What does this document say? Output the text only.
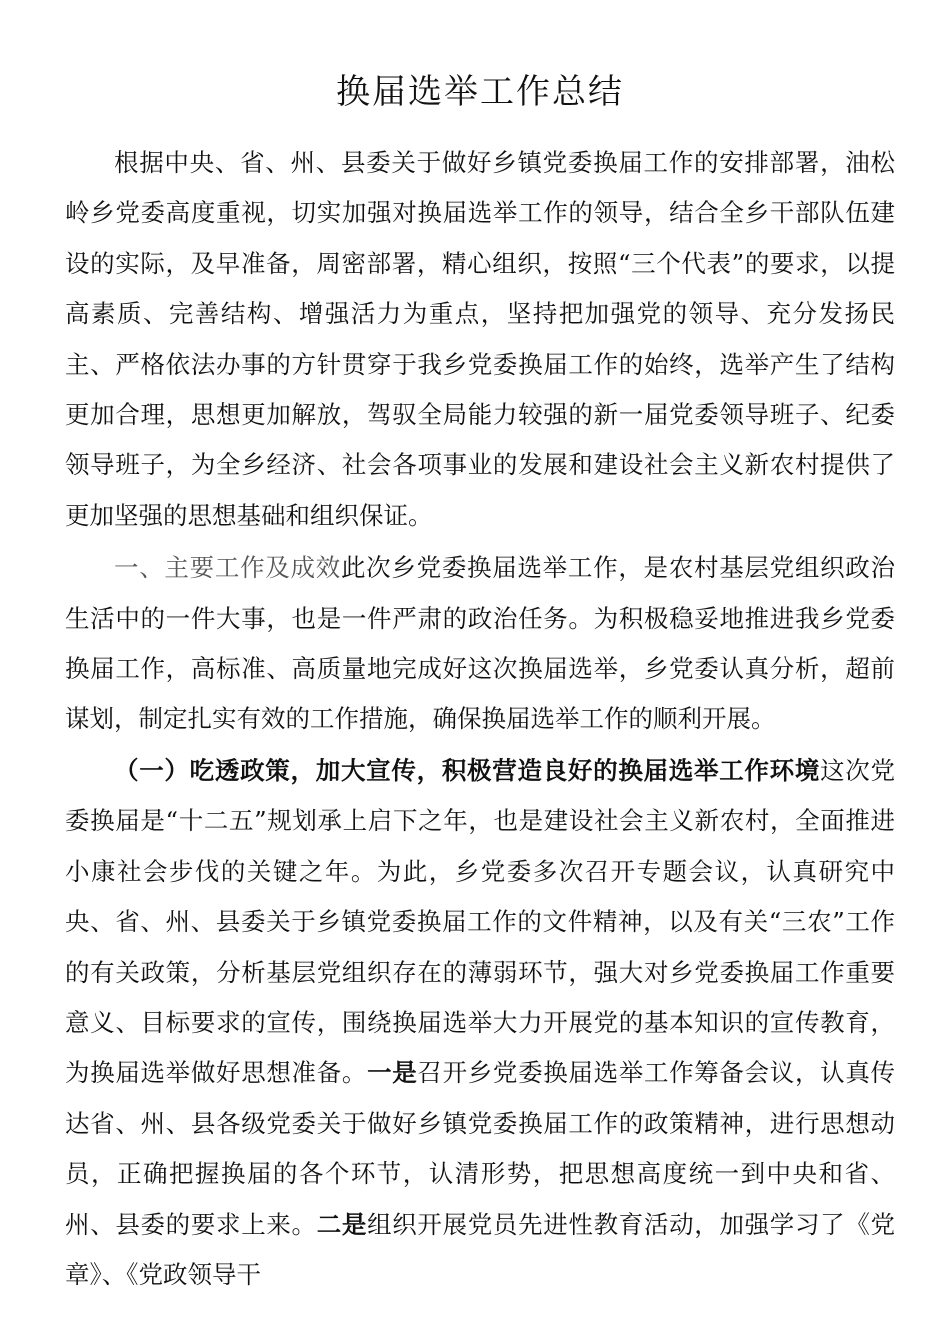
换届选举工作总结

根据中央、省、州、县委关于做好乡镇党委换届工作的安排部署，油松岭乡党委高度重视，切实加强对换届选举工作的领导，结合全乡干部队伍建设的实际，及早准备，周密部署，精心组织，按照“三个代表”的要求，以提高素质、完善结构、增强活力为重点，坚持把加强党的领导、充分发扬民主、严格依法办事的方针贯穿于我乡党委换届工作的始终，选举产生了结构更加合理，思想更加解放，驾驭全局能力较强的新一届党委领导班子、纪委领导班子，为全乡经济、社会各项事业的发展和建设社会主义新农村提供了更加坚强的思想基础和组织保证。

一、主要工作及成效此次乡党委换届选举工作，是农村基层党组织政治生活中的一件大事，也是一件严肃的政治任务。为积极稳妥地推进我乡党委换届工作，高标准、高质量地完成好这次换届选举，乡党委认真分析，超前谋划，制定扎实有效的工作措施，确保换届选举工作的顺利开展。

（一）吃透政策，加大宣传，积极营造良好的换届选举工作环境这次党委换届是“十二五”规划承上启下之年，也是建设社会主义新农村，全面推进小康社会步伐的关键之年。为此，乡党委多次召开专题会议，认真研究中央、省、州、县委关于乡镇党委换届工作的文件精神，以及有关“三农”工作的有关政策，分析基层党组织存在的薄弱环节，强大对乡党委换届工作重要意义、目标要求的宣传，围绕换届选举大力开展党的基本知识的宣传教育，为换届选举做好思想准备。一是召开乡党委换届选举工作筹备会议，认真传达省、州、县各级党委关于做好乡镇党委换届工作的政策精神，进行思想动员，正确把握换届的各个环节，认清形势，把思想高度统一到中央和省、州、县委的要求上来。二是组织开展党员先进性教育活动，加强学习了《党章》、《党政领导干
